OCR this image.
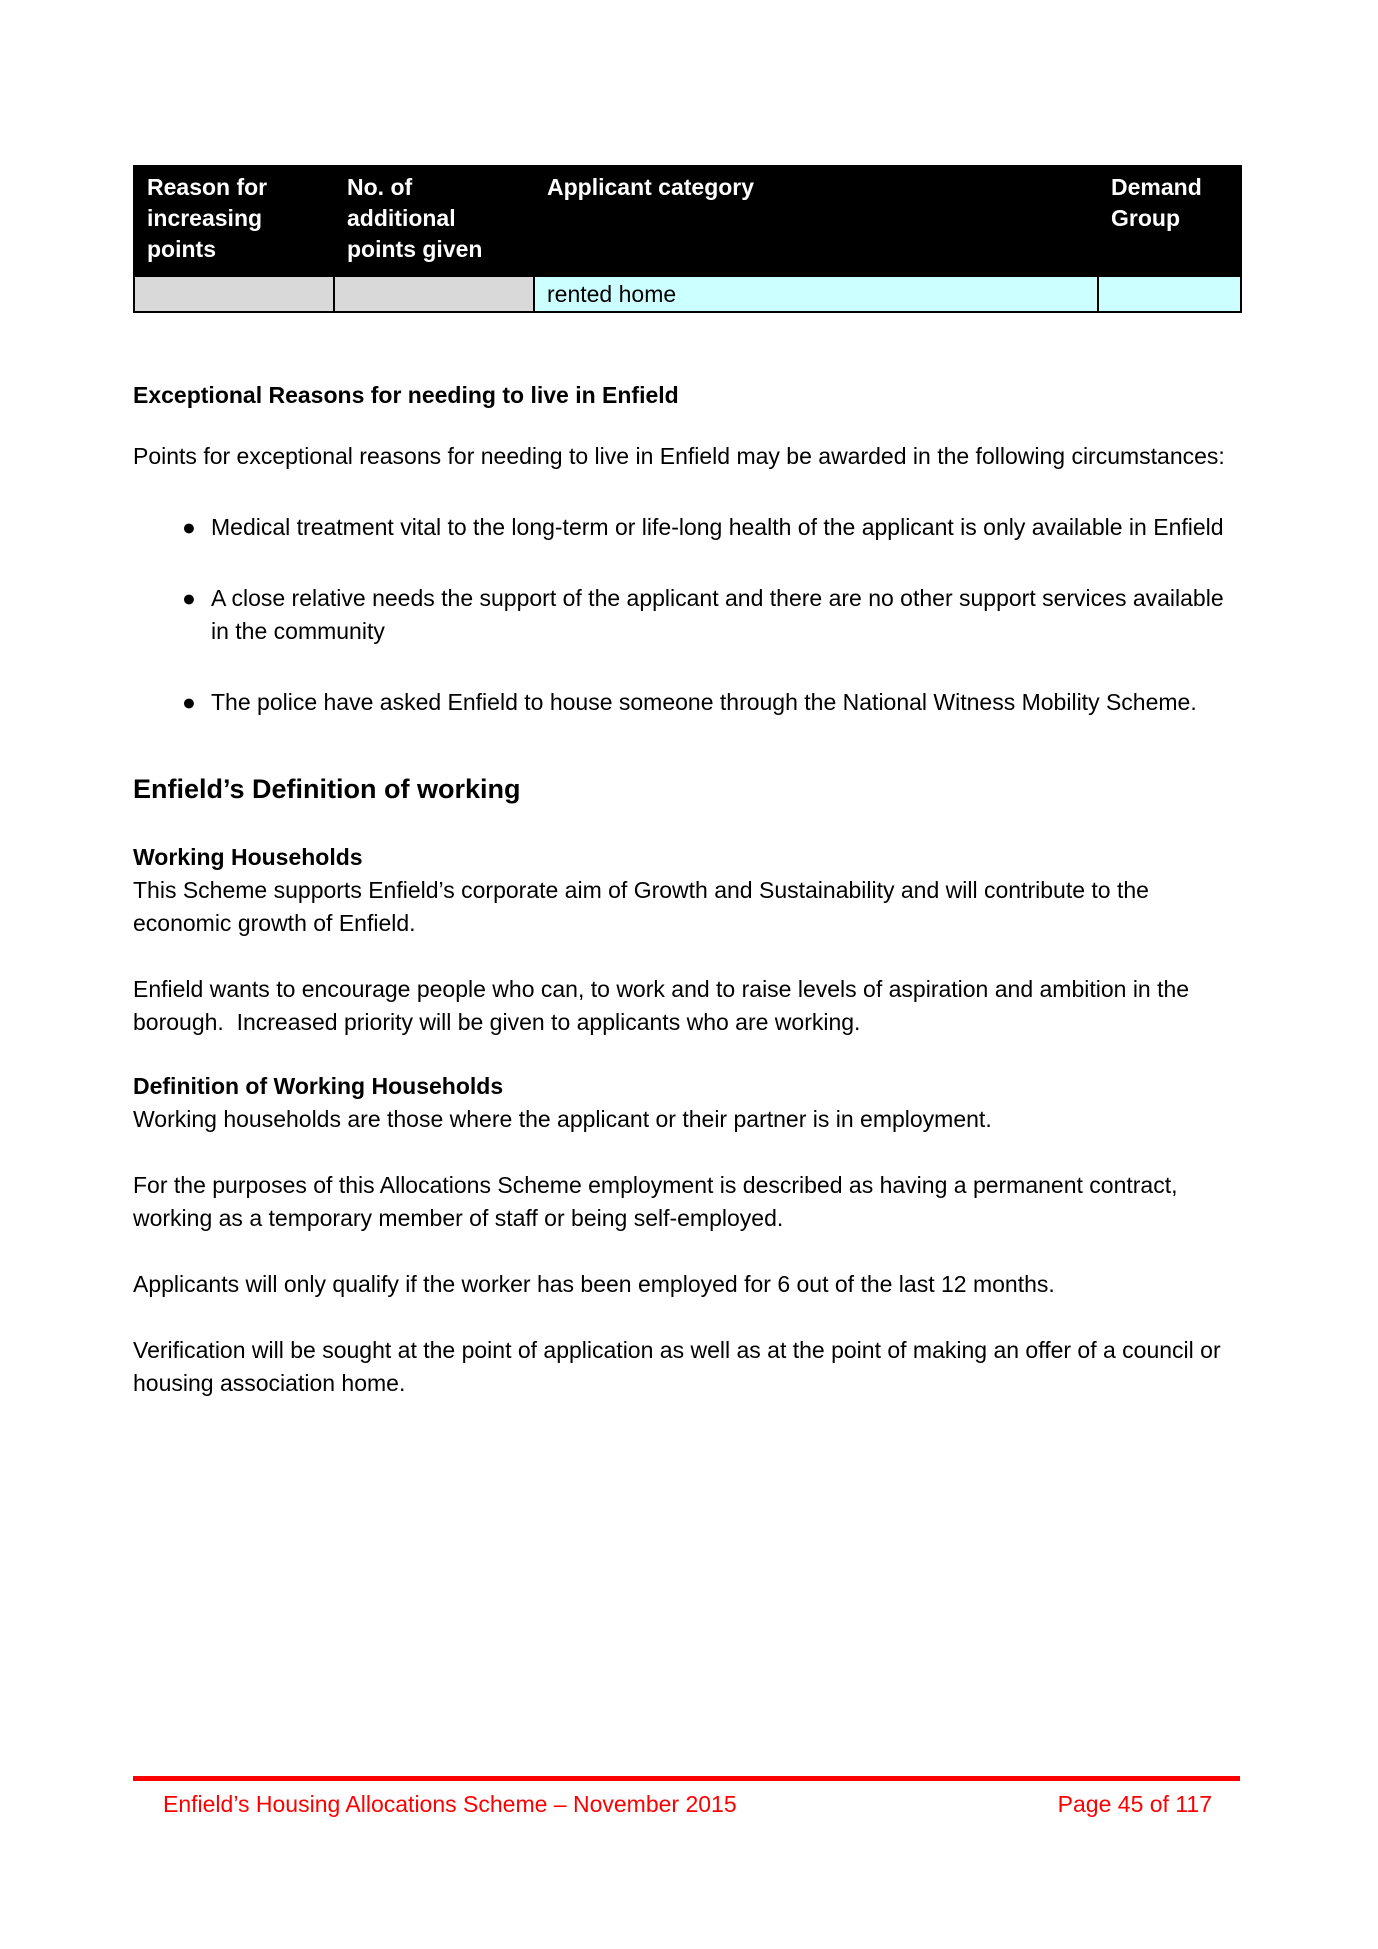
Reason for increasing points	No. of additional points given	Applicant category	Demand Group
		rented home	
Exceptional Reasons for needing to live in Enfield

Points for exceptional reasons for needing to live in Enfield may be awarded in the following circumstances:

● Medical treatment vital to the long-term or life-long health of the applicant is only available in Enfield
● A close relative needs the support of the applicant and there are no other support services available in the community
● The police have asked Enfield to house someone through the National Witness Mobility Scheme.
Enfield’s Definition of working
Working Households

This Scheme supports Enfield’s corporate aim of Growth and Sustainability and will contribute to the economic growth of Enfield.

Enfield wants to encourage people who can, to work and to raise levels of aspiration and ambition in the borough.  Increased priority will be given to applicants who are working.

Definition of Working Households

Working households are those where the applicant or their partner is in employment.

For the purposes of this Allocations Scheme employment is described as having a permanent contract, working as a temporary member of staff or being self-employed.

Applicants will only qualify if the worker has been employed for 6 out of the last 12 months.

Verification will be sought at the point of application as well as at the point of making an offer of a council or housing association home.

Enfield’s Housing Allocations Scheme – November 2015	Page 45 of 117
